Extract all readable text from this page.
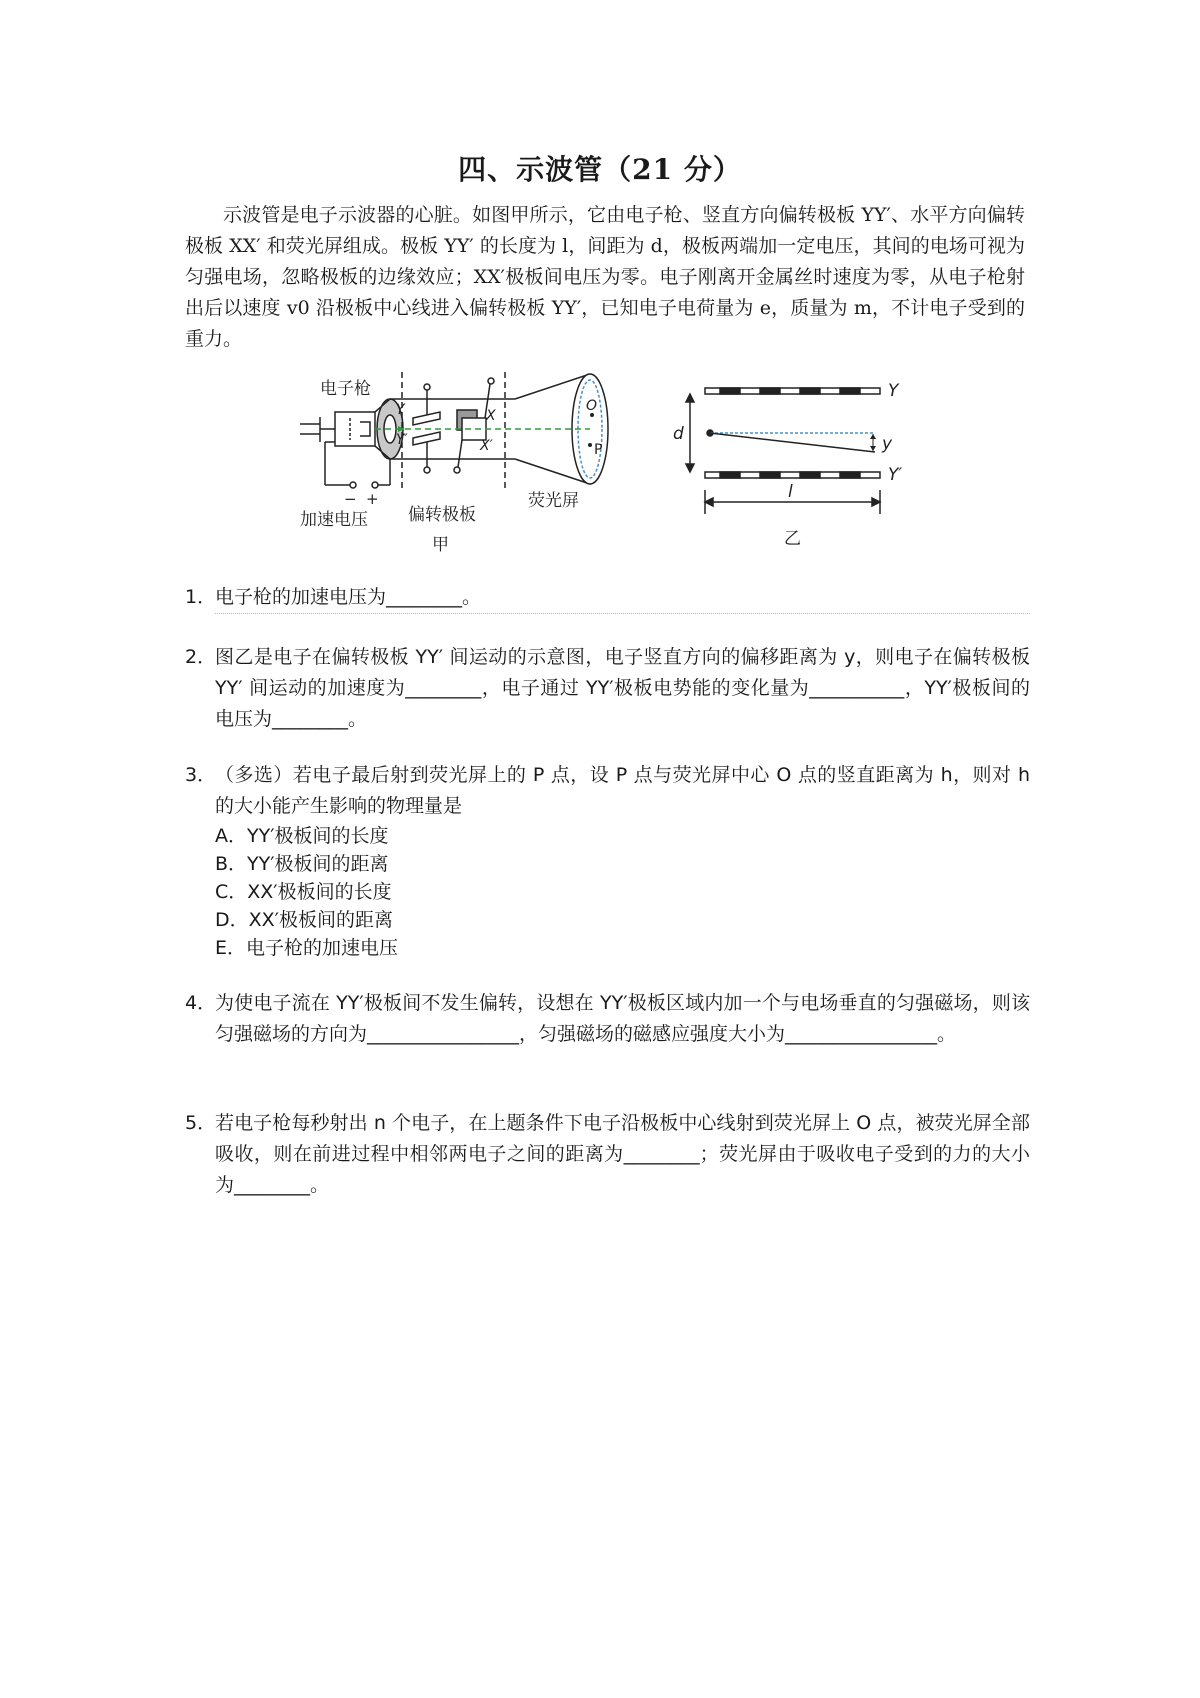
四、示波管（21 分）

示波管是电子示波器的心脏。如图甲所示，它由电子枪、竖直方向偏转极板 YY′、水平方向偏转极板 XX′ 和荧光屏组成。极板 YY′ 的长度为 l，间距为 d，极板两端加一定电压，其间的电场可视为匀强电场，忽略极板的边缘效应；XX′极板间电压为零。电子刚离开金属丝时速度为零，从电子枪射出后以速度 v0 沿极板中心线进入偏转极板 YY′，已知电子电荷量为 e，质量为 m，不计电子受到的重力。

电子枪
加速电压
− +
偏转极板
荧光屏
Y
Y′
X
X′
O
P
甲
Y
Y′
d	y
l
乙
1．
电子枪的加速电压为________。
2．
图乙是电子在偏转极板 YY′ 间运动的示意图，电子竖直方向的偏移距离为 y，则电子在偏转极板 YY′ 间运动的加速度为________，电子通过 YY′极板电势能的变化量为__________，YY′极板间的电压为________。
3．
（多选）若电子最后射到荧光屏上的 P 点，设 P 点与荧光屏中心 O 点的竖直距离为 h，则对 h 的大小能产生影响的物理量是
A．YY′极板间的长度
B．YY′极板间的距离
C．XX′极板间的长度
D．XX′极板间的距离
E．电子枪的加速电压
4．
为使电子流在 YY′极板间不发生偏转，设想在 YY′极板区域内加一个与电场垂直的匀强磁场，则该匀强磁场的方向为________________，匀强磁场的磁感应强度大小为________________。
5．
若电子枪每秒射出 n 个电子，在上题条件下电子沿极板中心线射到荧光屏上 O 点，被荧光屏全部吸收，则在前进过程中相邻两电子之间的距离为________；荧光屏由于吸收电子受到的力的大小为________。
